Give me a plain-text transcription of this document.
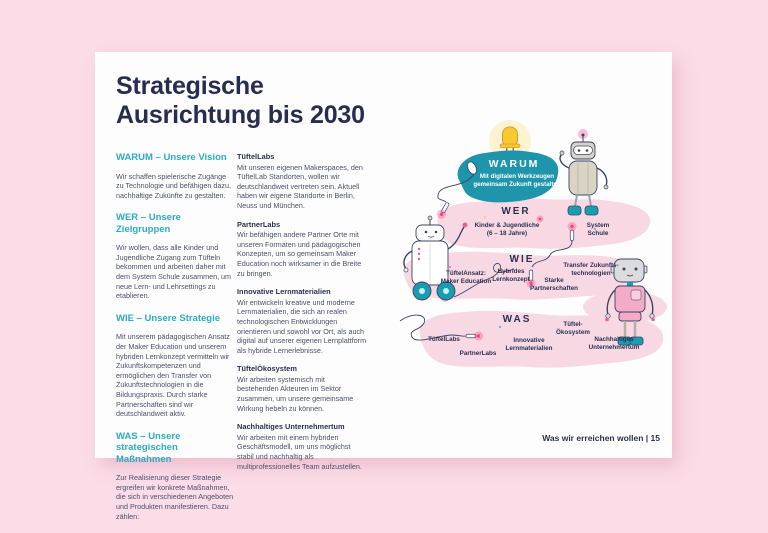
Strategische
Ausrichtung bis 2030
WARUM – Unsere Vision
Wir schaffen spielerische Zugänge zu Technologie und befähigen dazu, nachhaltige Zukünfte zu gestalten.
WER – Unsere Zielgruppen
Wir wollen, dass alle Kinder und Jugendliche Zugang zum Tüfteln bekommen und arbeiten daher mit dem System Schule zusammen, um neue Lern- und Lehrsettings zu etablieren.
WIE – Unsere Strategie
Mit unserem pädagogischen Ansatz der Maker Education und unserem hybriden Lernkonzept vermitteln wir Zukunftskompetenzen und ermöglichen den Transfer von Zukunftstechnologien in die Bildungspraxis. Durch starke Partnerschaften sind wir deutschlandweit aktiv.
WAS – Unsere strategischen Maßnahmen
Zur Realisierung dieser Strategie ergreifen wir konkrete Maßnahmen, die sich in verschiedenen Angeboten und Produkten manifestieren. Dazu zählen:
TüftelLabs
Mit unseren eigenen Makerspaces, den TüftelLab Standorten, wollen wir deutschlandweit vertreten sein. Aktuell haben wir eigene Standorte in Berlin, Neuss und München.
PartnerLabs
Wir befähigen andere Partner Orte mit unseren Formaten und pädagogischen Konzepten, um so gemeinsam Maker Education noch wirksamer in die Breite zu bringen.
Innovative Lernmaterialien
Wir entwickeln kreative und moderne Lernmaterialien, die sich an realen technologischen Entwicklungen orientieren und sowohl vor Ort, als auch digital auf unserer eigenen Lernplattform als hybride Lernerlebnisse.
TüftelÖkosystem
Wir arbeiten systemisch mit bestehenden Akteuren im Sektor zusammen, um unsere gemeinsame Wirkung hebeln zu können.
Nachhaltiges Unternehmertum
Wir arbeiten mit einem hybriden Geschäftsmodell, um uns möglichst stabil und nachhaltig als multiprofessionelles Team aufzustellen.
WARUM
Mit digitalen Werkzeugen
gemeinsam Zukunft gestalten
WER
Kinder & Jugendliche
(6 – 18 Jahre)
System
Schule
WIE
TüftelAnsatz:
Maker Education
Hybrides
Lernkonzept	Starke
Partnerschaften
Transfer Zukunfts-
technologien
WAS
TüftelLabs
PartnerLabs
Innovative
Lernmaterialien
Tüftel-
Ökosystem
Nachhaltiges
Unternehmertum
Was wir erreichen wollen | 15
